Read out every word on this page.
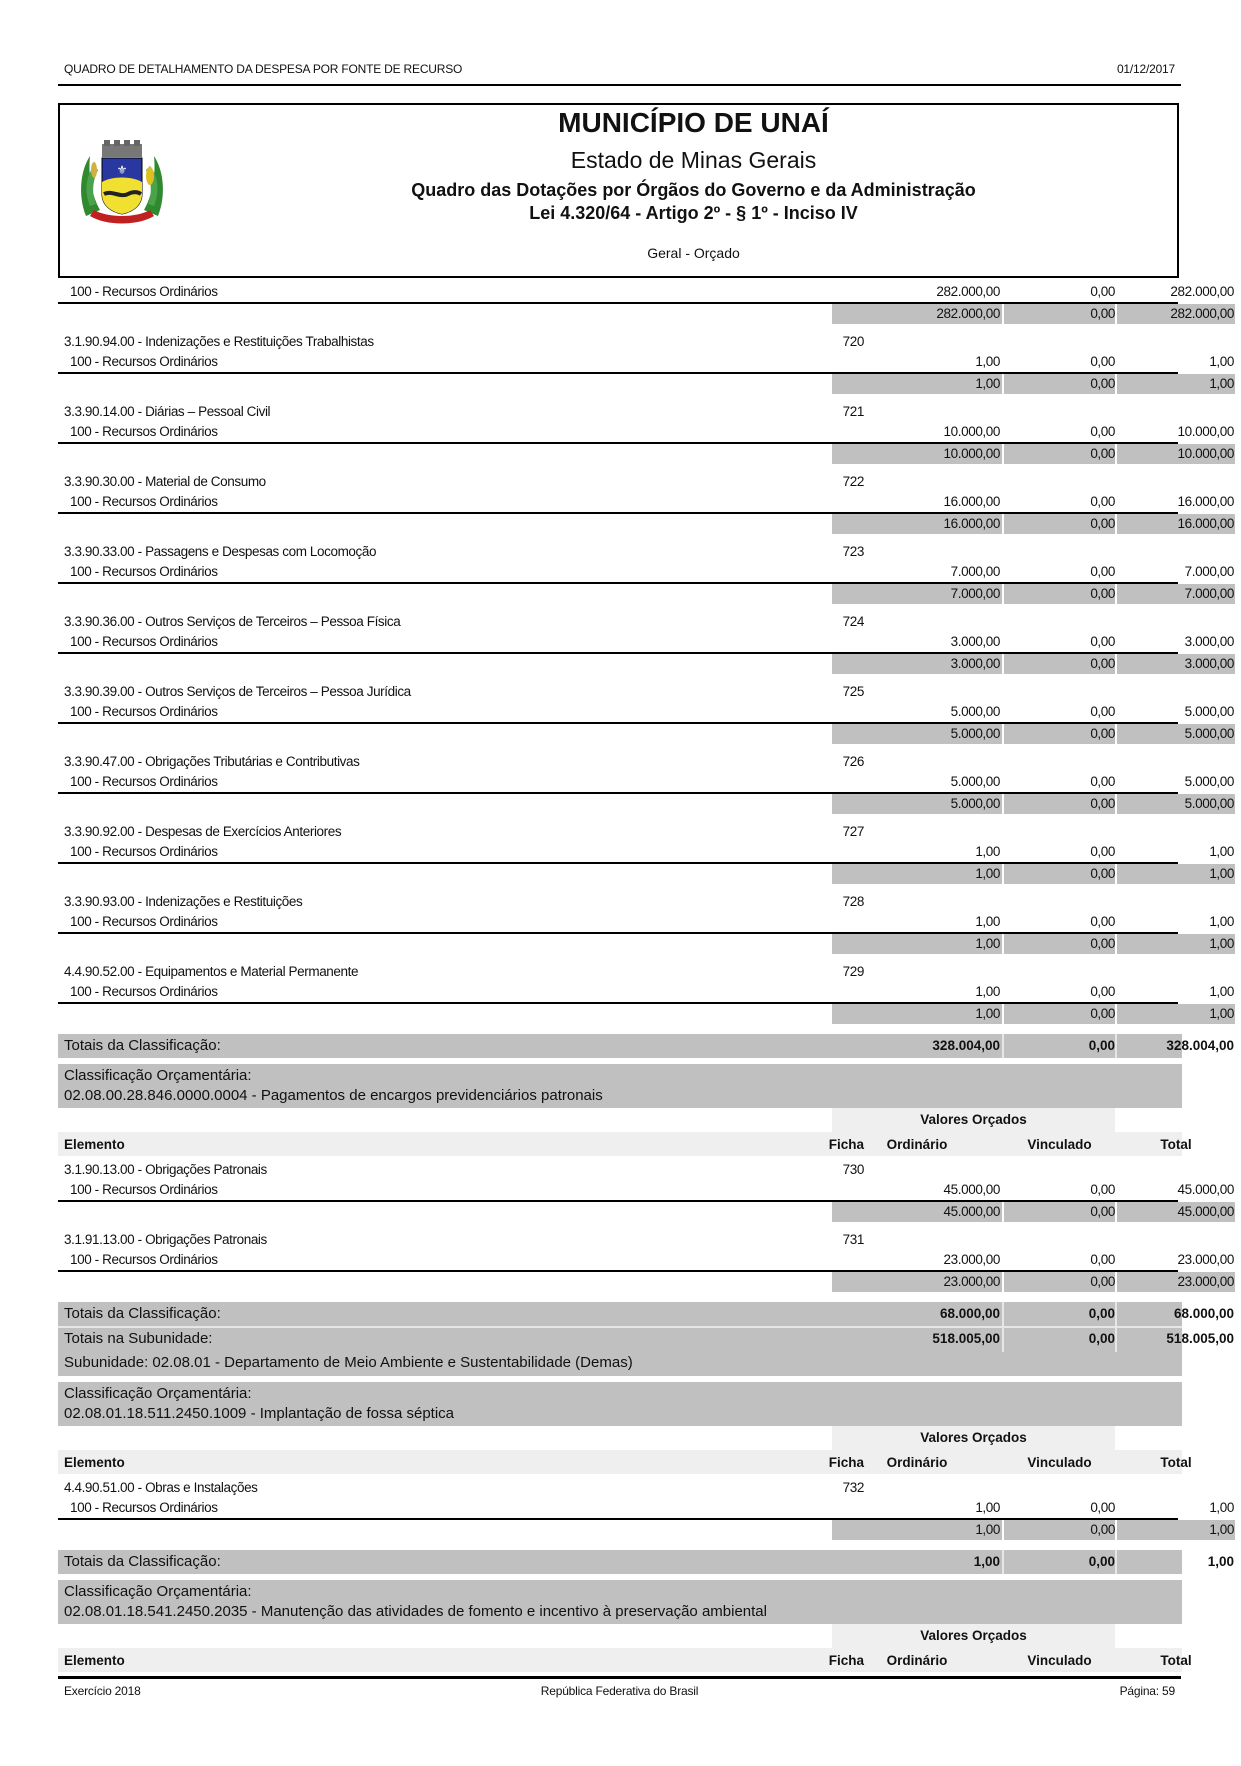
QUADRO DE DETALHAMENTO DA DESPESA POR FONTE DE RECURSO	01/12/2017
⚜
MUNICÍPIO DE UNAÍ
Estado de Minas Gerais
Quadro das Dotações por Órgãos do Governo e da Administração
Lei 4.320/64 - Artigo 2º - § 1º - Inciso IV
Geral - Orçado
100 - Recursos Ordinários	282.000,00	0,00	282.000,00
282.000,00	0,00	282.000,00
3.1.90.94.00 - Indenizações e Restituições Trabalhistas	720
100 - Recursos Ordinários	1,00	0,00	1,00
1,00	0,00	1,00
3.3.90.14.00 - Diárias – Pessoal Civil	721
100 - Recursos Ordinários	10.000,00	0,00	10.000,00
10.000,00	0,00	10.000,00
3.3.90.30.00 - Material de Consumo	722
100 - Recursos Ordinários	16.000,00	0,00	16.000,00
16.000,00	0,00	16.000,00
3.3.90.33.00 - Passagens e Despesas com Locomoção	723
100 - Recursos Ordinários	7.000,00	0,00	7.000,00
7.000,00	0,00	7.000,00
3.3.90.36.00 - Outros Serviços de Terceiros – Pessoa Física	724
100 - Recursos Ordinários	3.000,00	0,00	3.000,00
3.000,00	0,00	3.000,00
3.3.90.39.00 - Outros Serviços de Terceiros – Pessoa Jurídica	725
100 - Recursos Ordinários	5.000,00	0,00	5.000,00
5.000,00	0,00	5.000,00
3.3.90.47.00 - Obrigações Tributárias e Contributivas	726
100 - Recursos Ordinários	5.000,00	0,00	5.000,00
5.000,00	0,00	5.000,00
3.3.90.92.00 - Despesas de Exercícios Anteriores	727
100 - Recursos Ordinários	1,00	0,00	1,00
1,00	0,00	1,00
3.3.90.93.00 - Indenizações e Restituições	728
100 - Recursos Ordinários	1,00	0,00	1,00
1,00	0,00	1,00
4.4.90.52.00 - Equipamentos e Material Permanente	729
100 - Recursos Ordinários	1,00	0,00	1,00
1,00	0,00	1,00
Totais da Classificação:	328.004,00	0,00	328.004,00
Classificação Orçamentária:
02.08.00.28.846.0000.0004 - Pagamentos de encargos previdenciários patronais
Valores Orçados
Elemento	Ficha	Ordinário	Vinculado	Total
3.1.90.13.00 - Obrigações Patronais	730
100 - Recursos Ordinários	45.000,00	0,00	45.000,00
45.000,00	0,00	45.000,00
3.1.91.13.00 - Obrigações Patronais	731
100 - Recursos Ordinários	23.000,00	0,00	23.000,00
23.000,00	0,00	23.000,00
Totais da Classificação:	68.000,00	0,00	68.000,00
Totais na Subunidade:	518.005,00	0,00	518.005,00
Subunidade: 02.08.01 - Departamento de Meio Ambiente e Sustentabilidade (Demas)
Classificação Orçamentária:
02.08.01.18.511.2450.1009 - Implantação de fossa séptica
Valores Orçados
Elemento	Ficha	Ordinário	Vinculado	Total
4.4.90.51.00 - Obras e Instalações	732
100 - Recursos Ordinários	1,00	0,00	1,00
1,00	0,00	1,00
Totais da Classificação:	1,00	0,00	1,00
Classificação Orçamentária:
02.08.01.18.541.2450.2035 - Manutenção das atividades de fomento e incentivo à preservação ambiental
Valores Orçados
Elemento	Ficha	Ordinário	Vinculado	Total
Exercício 2018	República Federativa do Brasil	Página: 59
